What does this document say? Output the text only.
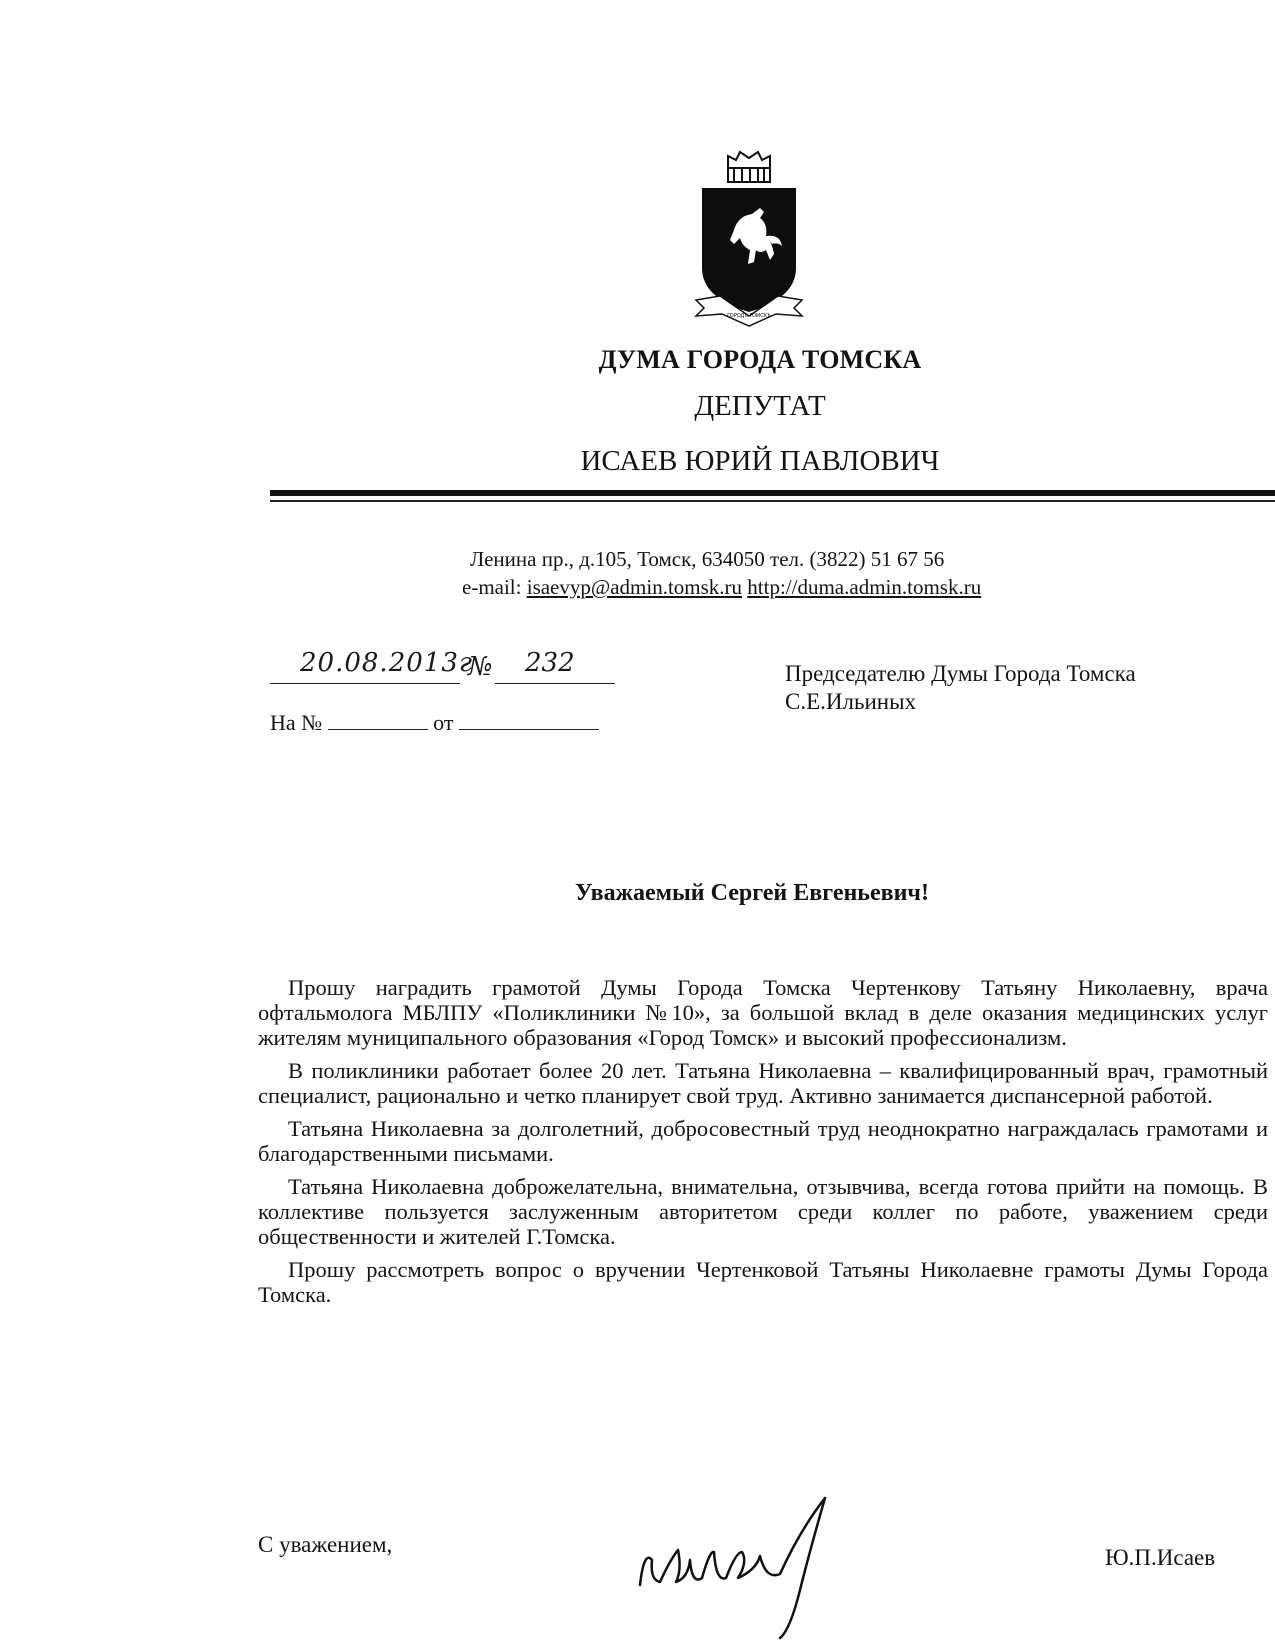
ГОРОДЪ ТОМСКЪ
ДУМА ГОРОДА ТОМСКА
ДЕПУТАТ
ИСАЕВ ЮРИЙ ПАВЛОВИЧ
Ленина пр., д.105, Томск, 634050 тел. (3822) 51 67 56
e-mail: isaevyp@admin.tomsk.ru http://duma.admin.tomsk.ru
20.08.2013г
№ 232
На №	от
Председателю Думы Города Томска
С.Е.Ильиных
Уважаемый Сергей Евгеньевич!

Прошу наградить грамотой Думы Города Томска Чертенкову Татьяну Николаевну, врача офтальмолога МБЛПУ «Поликлиники №10», за большой вклад в деле оказания медицинских услуг жителям муниципального образования «Город Томск» и высокий профессионализм.

В поликлиники работает более 20 лет. Татьяна Николаевна – квалифицированный врач, грамотный специалист, рационально и четко планирует свой труд. Активно занимается диспансерной работой.

Татьяна Николаевна за долголетний, добросовестный труд неоднократно награждалась грамотами и благодарственными письмами.

Татьяна Николаевна доброжелательна, внимательна, отзывчива, всегда готова прийти на помощь. В коллективе пользуется заслуженным авторитетом среди коллег по работе, уважением среди общественности и жителей Г.Томска.

Прошу рассмотреть вопрос о вручении Чертенковой Татьяны Николаевне грамоты Думы Города Томска.

С уважением,
Ю.П.Исаев
